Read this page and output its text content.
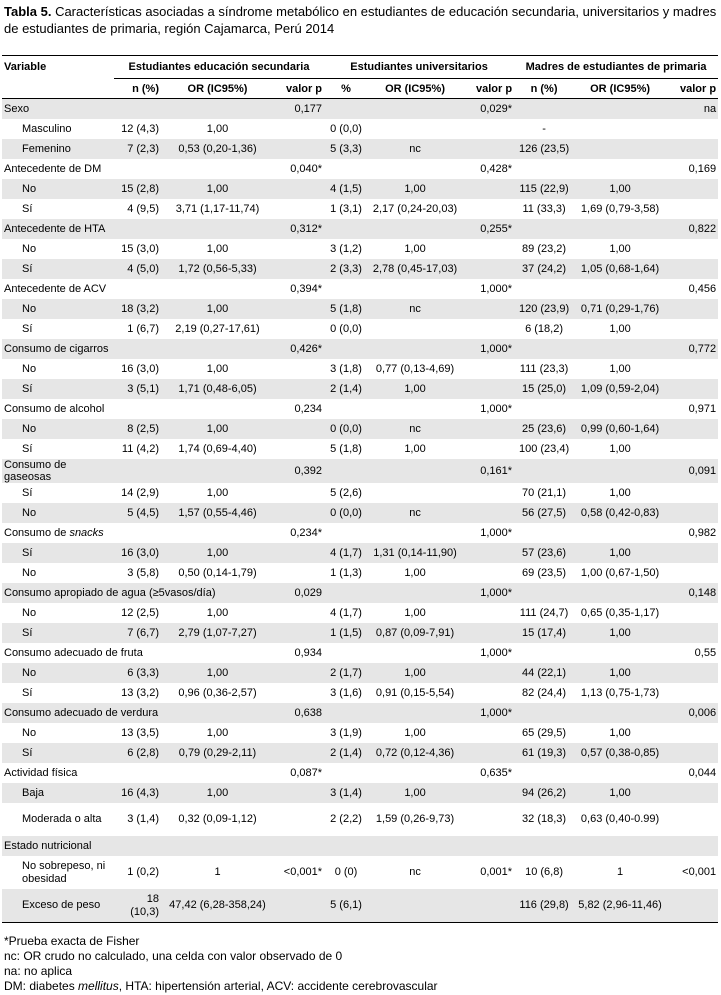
Tabla 5. Características asociadas a síndrome metabólico en estudiantes de educación secundaria, universitarios y madres de estudiantes de primaria, región Cajamarca, Perú 2014
Variable	Estudiantes educación secundaria			Estudiantes universitarios			Madres de estudiantes de primaria		
	n (%)	OR (IC95%)	valor p	%	OR (IC95%)	valor p	n (%)	OR (IC95%)	valor p
Sexo			0,177			0,029*			na
Masculino	12 (4,3)	1,00		0 (0,0)			-		
Femenino	7 (2,3)	0,53 (0,20-1,36)		5 (3,3)	nc		126 (23,5)		
Antecedente de DM			0,040*			0,428*			0,169
No	15 (2,8)	1,00		4 (1,5)	1,00		115 (22,9)	1,00	
Sí	4 (9,5)	3,71 (1,17-11,74)		1 (3,1)	2,17 (0,24-20,03)		11 (33,3)	1,69 (0,79-3,58)	
Antecedente de HTA			0,312*			0,255*			0,822
No	15 (3,0)	1,00		3 (1,2)	1,00		89 (23,2)	1,00	
Sí	4 (5,0)	1,72 (0,56-5,33)		2 (3,3)	2,78 (0,45-17,03)		37 (24,2)	1,05 (0,68-1,64)	
Antecedente de ACV			0,394*			1,000*			0,456
No	18 (3,2)	1,00		5 (1,8)	nc		120 (23,9)	0,71 (0,29-1,76)	
Sí	1 (6,7)	2,19 (0,27-17,61)		0 (0,0)			6 (18,2)	1,00	
Consumo de cigarros			0,426*			1,000*			0,772
No	16 (3,0)	1,00		3 (1,8)	0,77 (0,13-4,69)		111 (23,3)	1,00	
Sí	3 (5,1)	1,71 (0,48-6,05)		2 (1,4)	1,00		15 (25,0)	1,09 (0,59-2,04)	
Consumo de alcohol			0,234			1,000*			0,971
No	8 (2,5)	1,00		0 (0,0)	nc		25 (23,6)	0,99 (0,60-1,64)	
Sí	11 (4,2)	1,74 (0,69-4,40)		5 (1,8)	1,00		100 (23,4)	1,00	
Consumo de gaseosas			0,392			0,161*			0,091
Sí	14 (2,9)	1,00		5 (2,6)			70 (21,1)	1,00	
No	5 (4,5)	1,57 (0,55-4,46)		0 (0,0)	nc		56 (27,5)	0,58 (0,42-0,83)	
Consumo de snacks			0,234*			1,000*			0,982
Sí	16 (3,0)	1,00		4 (1,7)	1,31 (0,14-11,90)		57 (23,6)	1,00	
No	3 (5,8)	0,50 (0,14-1,79)		1 (1,3)	1,00		69 (23,5)	1,00 (0,67-1,50)	
Consumo apropiado de agua (≥5vasos/día)			0,029			1,000*			0,148
No	12 (2,5)	1,00		4 (1,7)	1,00		111 (24,7)	0,65 (0,35-1,17)	
Sí	7 (6,7)	2,79 (1,07-7,27)		1 (1,5)	0,87 (0,09-7,91)		15 (17,4)	1,00	
Consumo adecuado de fruta			0,934			1,000*			0,55
No	6 (3,3)	1,00		2 (1,7)	1,00		44 (22,1)	1,00	
Sí	13 (3,2)	0,96 (0,36-2,57)		3 (1,6)	0,91 (0,15-5,54)		82 (24,4)	1,13 (0,75-1,73)	
Consumo adecuado de verdura			0,638			1,000*			0,006
No	13 (3,5)	1,00		3 (1,9)	1,00		65 (29,5)	1,00	
Sí	6 (2,8)	0,79 (0,29-2,11)		2 (1,4)	0,72 (0,12-4,36)		61 (19,3)	0,57 (0,38-0,85)	
Actividad física			0,087*			0,635*			0,044
Baja	16 (4,3)	1,00		3 (1,4)	1,00		94 (26,2)	1,00	
Moderada o alta	3 (1,4)	0,32 (0,09-1,12)		2 (2,2)	1,59 (0,26-9,73)		32 (18,3)	0,63 (0,40-0.99)	
Estado nutricional									
No sobrepeso, ni obesidad	1 (0,2)	1	<0,001*	0 (0)	nc	0,001*	10 (6,8)	1	<0,001
Exceso de peso	18 (10,3)	47,42 (6,28-358,24)		5 (6,1)			116 (29,8)	5,82 (2,96-11,46)	
*Prueba exacta de Fisher
nc: OR crudo no calculado, una celda con valor observado de 0
na: no aplica
DM: diabetes mellitus, HTA: hipertensión arterial, ACV: accidente cerebrovascular
